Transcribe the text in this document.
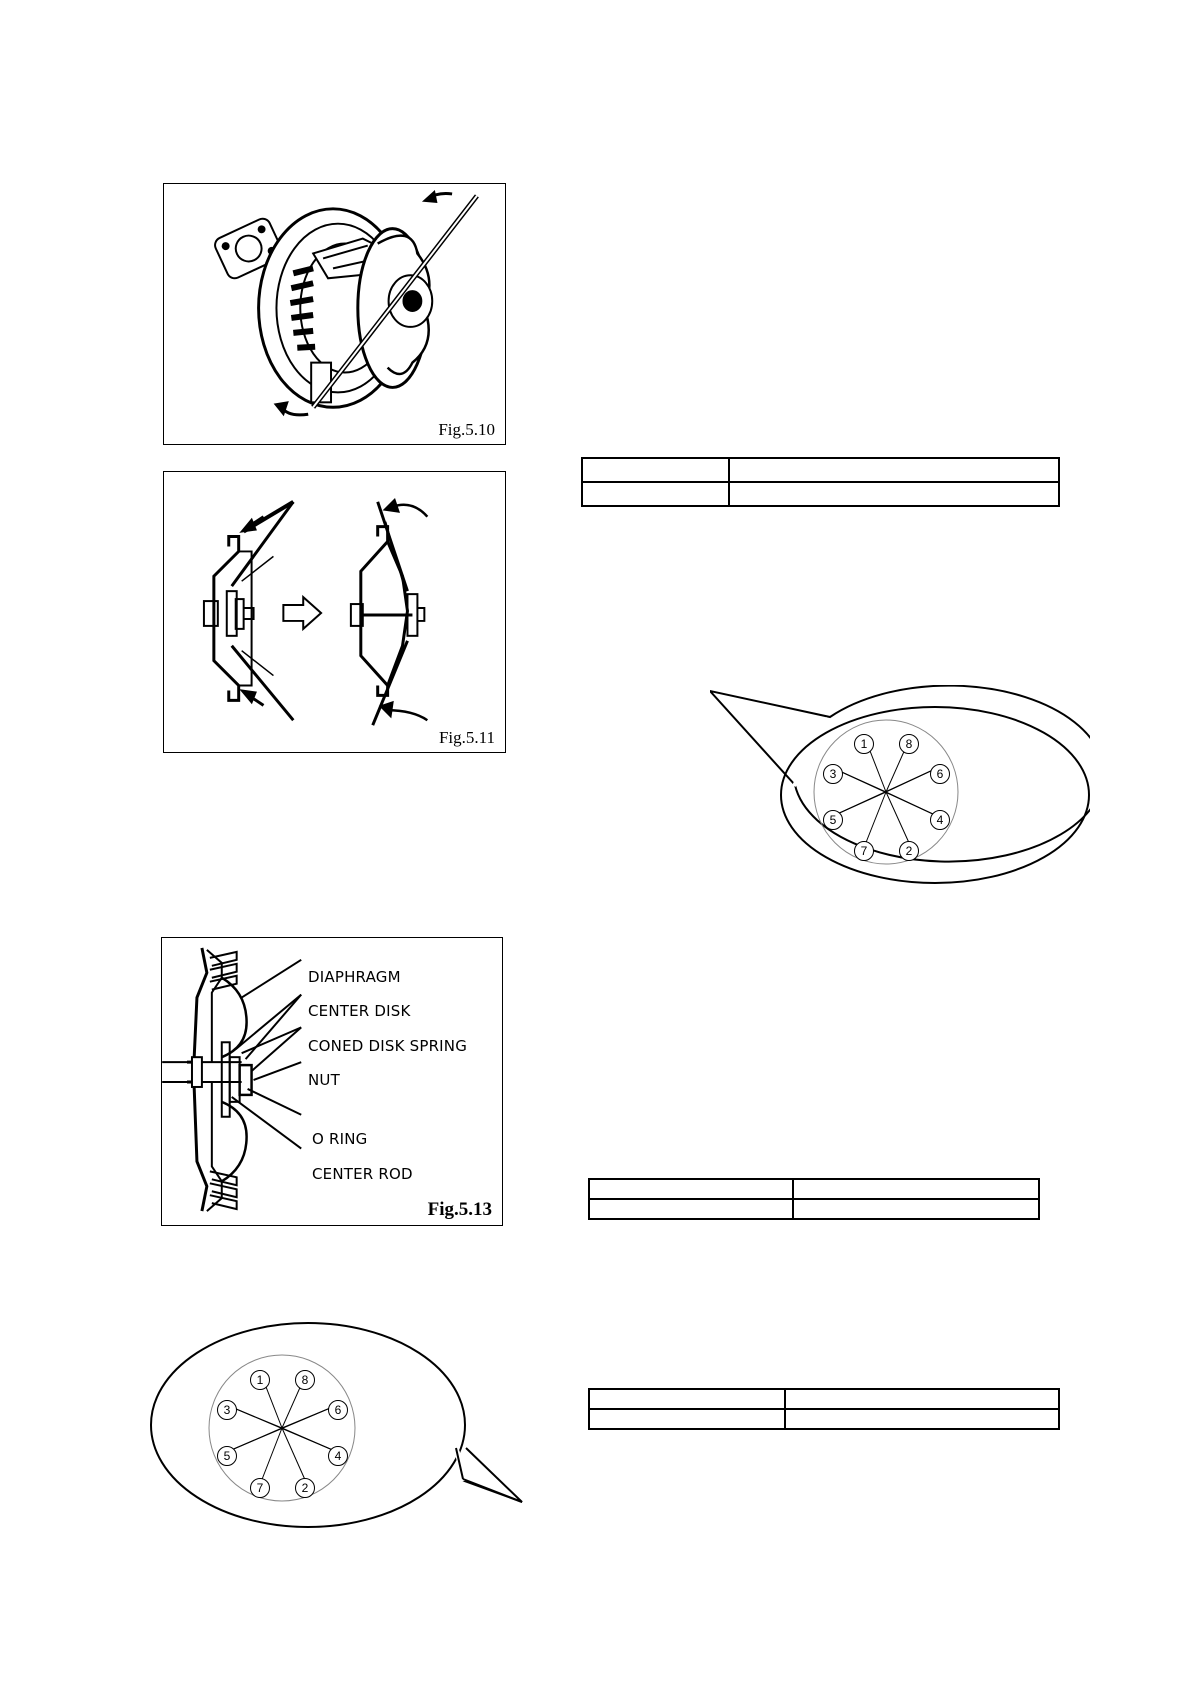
Fig.5.10
Fig.5.11

		1	8
3	6
5	4
7	2
DIAPHRAGM
CENTER DISK
CONED DISK SPRING
NUT
O RING
CENTER ROD
Fig.5.13

1	8
3	6
5	4
7	2
